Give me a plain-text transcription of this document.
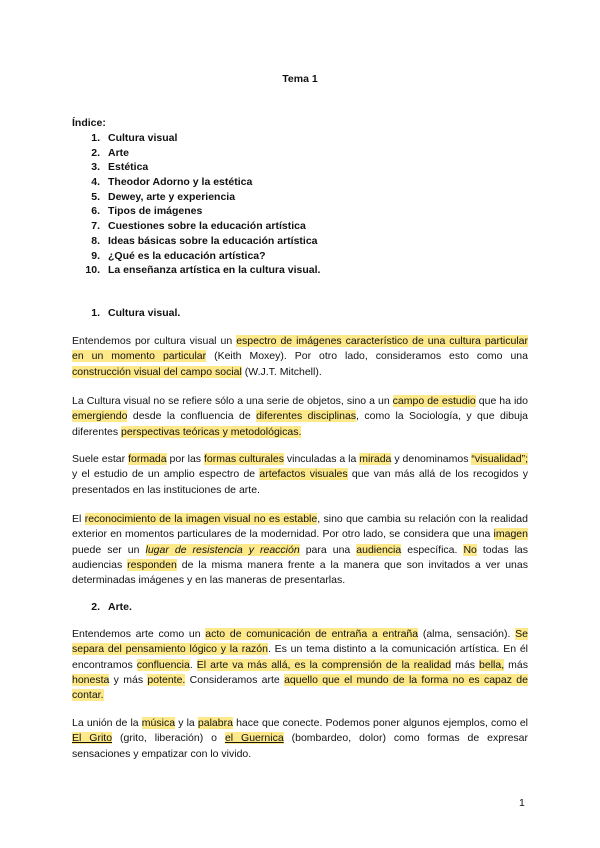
Tema 1
Índice:
1. Cultura visual
2. Arte
3. Estética
4. Theodor Adorno y la estética
5. Dewey, arte y experiencia
6. Tipos de imágenes
7. Cuestiones sobre la educación artística
8. Ideas básicas sobre la educación artística
9. ¿Qué es la educación artística?
10. La enseñanza artística en la cultura visual.
1. Cultura visual.

Entendemos por cultura visual un espectro de imágenes característico de una cultura particular en un momento particular (Keith Moxey). Por otro lado, consideramos esto como una construcción visual del campo social (W.J.T. Mitchell).

La Cultura visual no se refiere sólo a una serie de objetos, sino a un campo de estudio que ha ido emergiendo desde la confluencia de diferentes disciplinas, como la Sociología, y que dibuja diferentes perspectivas teóricas y metodológicas.

Suele estar formada por las formas culturales vinculadas a la mirada y denominamos “visualidad”; y el estudio de un amplio espectro de artefactos visuales que van más allá de los recogidos y presentados en las instituciones de arte.

El reconocimiento de la imagen visual no es estable, sino que cambia su relación con la realidad exterior en momentos particulares de la modernidad. Por otro lado, se considera que una imagen puede ser un lugar de resistencia y reacción para una audiencia específica. No todas las audiencias responden de la misma manera frente a la manera que son invitados a ver unas determinadas imágenes y en las maneras de presentarlas.

2. Arte.

Entendemos arte como un acto de comunicación de entraña a entraña (alma, sensación). Se separa del pensamiento lógico y la razón. Es un tema distinto a la comunicación artística. En él encontramos confluencia. El arte va más allá, es la comprensión de la realidad más bella, más honesta y más potente. Consideramos arte aquello que el mundo de la forma no es capaz de contar.

La unión de la música y la palabra hace que conecte. Podemos poner algunos ejemplos, como el El Grito (grito, liberación) o el Guernica (bombardeo, dolor) como formas de expresar sensaciones y empatizar con lo vivido.

1
